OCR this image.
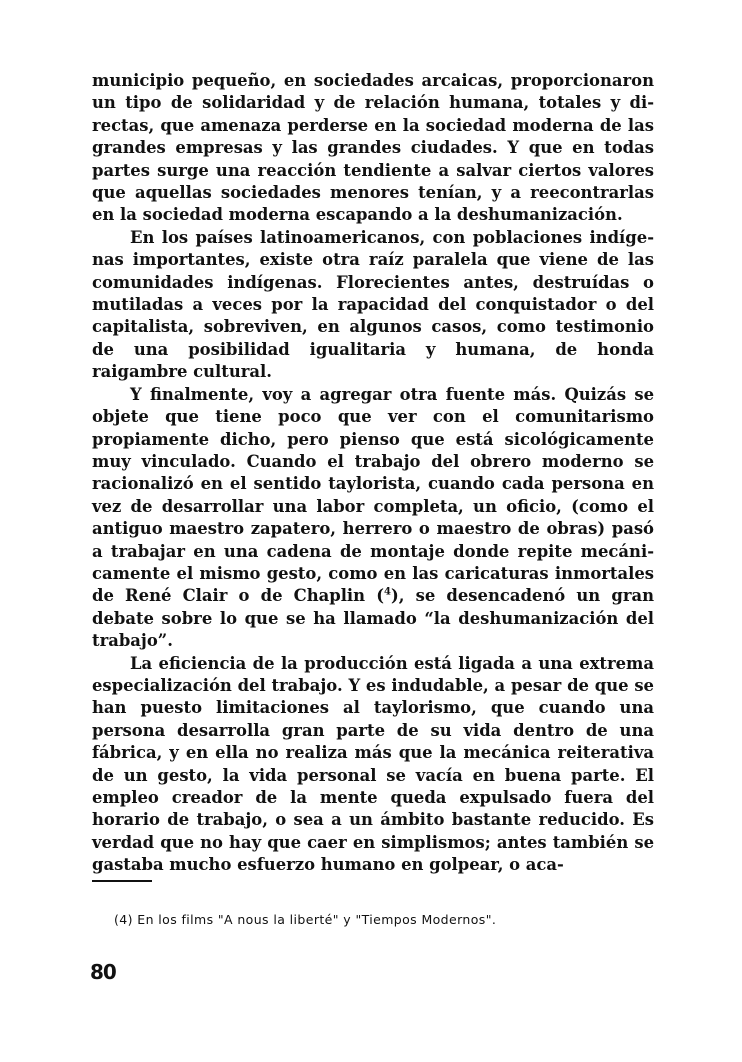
municipio pequeño, en sociedades arcaicas, proporcionaron un tipo de solidaridad y de relación humana, totales y directas, que amenaza perderse en la sociedad moderna de las grandes empresas y las grandes ciudades. Y que en todas partes surge una reacción tendiente a salvar ciertos valores que aquellas sociedades menores tenían, y a reecontrarlas en la sociedad moderna escapando a la deshumanización.

En los países latinoamericanos, con poblaciones indígenas importantes, existe otra raíz paralela que viene de las comunidades indígenas. Florecientes antes, destruídas o mutiladas a veces por la rapacidad del conquistador o del capitalista, sobreviven, en algunos casos, como testimonio de una posibilidad igualitaria y humana, de honda raigambre cultural.

Y finalmente, voy a agregar otra fuente más. Quizás se objete que tiene poco que ver con el comunitarismo propiamente dicho, pero pienso que está sicológicamente muy vinculado. Cuando el trabajo del obrero moderno se racionalizó en el sentido taylorista, cuando cada persona en vez de desarrollar una labor completa, un oficio, (como el antiguo maestro zapatero, herrero o maestro de obras) pasó a trabajar en una cadena de montaje donde repite mecánicamente el mismo gesto, como en las caricaturas inmortales de René Clair o de Chaplin ($^4$), se desencadenó un gran debate sobre lo que se ha llamado “la deshumanización del trabajo”.

La eficiencia de la producción está ligada a una extrema especialización del trabajo. Y es indudable, a pesar de que se han puesto limitaciones al taylorismo, que cuando una persona desarrolla gran parte de su vida dentro de una fábrica, y en ella no realiza más que la mecánica reiterativa de un gesto, la vida personal se vacía en buena parte. El empleo creador de la mente queda expulsado fuera del horario de trabajo, o sea a un ámbito bastante reducido. Es verdad que no hay que caer en simplismos; antes también se gastaba mucho esfuerzo humano en golpear, o aca-

(4) En los films "A nous la liberté" y "Tiempos Modernos".
80
